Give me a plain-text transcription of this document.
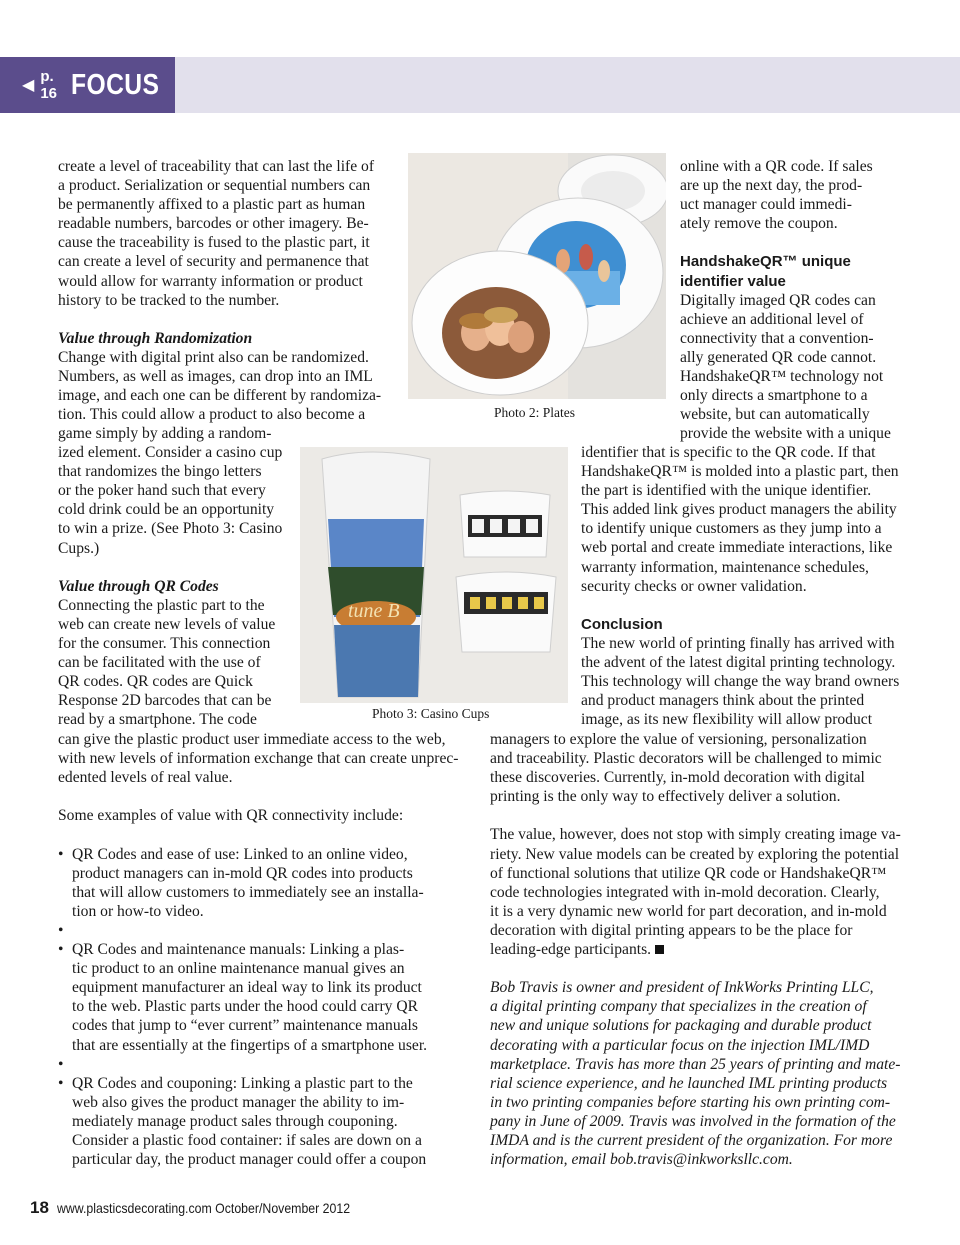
◀
p. 16 FOCUS

create a level of traceability that can last the life of

a product. Serialization or sequential numbers can

be permanently affixed to a plastic part as human

readable numbers, barcodes or other imagery. Be-

cause the traceability is fused to the plastic part, it

can create a level of security and permanence that

would allow for warranty information or product

history to be tracked to the number.

Value through Randomization

Change with digital print also can be randomized.

Numbers, as well as images, can drop into an IML

image, and each one can be different by randomiza-

tion. This could allow a product to also become a

game simply by adding a random-

ized element. Consider a casino cup

that randomizes the bingo letters

or the poker hand such that every

cold drink could be an opportunity

to win a prize. (See Photo 3: Casino

Cups.)

Value through QR Codes

Connecting the plastic part to the

web can create new levels of value

for the consumer. This connection

can be facilitated with the use of

QR codes. QR codes are Quick

Response 2D barcodes that can be

read by a smartphone. The code

can give the plastic product user immediate access to the web,

with new levels of information exchange that can create unprec-

edented levels of real value.

Some examples of value with QR connectivity include:

• QR Codes and ease of use: Linked to an online video,

product managers can in-mold QR codes into products

that will allow customers to immediately see an installa-

tion or how-to video.

•

• QR Codes and maintenance manuals: Linking a plas-

tic product to an online maintenance manual gives an

equipment manufacturer an ideal way to link its product

to the web. Plastic parts under the hood could carry QR

codes that jump to “ever current” maintenance manuals

that are essentially at the fingertips of a smartphone user.

•

• QR Codes and couponing: Linking a plastic part to the

web also gives the product manager the ability to im-

mediately manage product sales through couponing.

Consider a plastic food container: if sales are down on a

particular day, the product manager could offer a coupon

Photo 2: Plates
tune B
Photo 3: Casino Cups

online with a QR code. If sales

are up the next day, the prod-

uct manager could immedi-

ately remove the coupon.

HandshakeQR™ unique

identifier value

Digitally imaged QR codes can

achieve an additional level of

connectivity that a convention-

ally generated QR code cannot.

HandshakeQR™ technology not

only directs a smartphone to a

website, but can automatically

provide the website with a unique

identifier that is specific to the QR code. If that

HandshakeQR™ is molded into a plastic part, then

the part is identified with the unique identifier.

This added link gives product managers the ability

to identify unique customers as they jump into a

web portal and create immediate interactions, like

warranty information, maintenance schedules,

security checks or owner validation.

Conclusion

The new world of printing finally has arrived with

the advent of the latest digital printing technology.

This technology will change the way brand owners

and product managers think about the printed

image, as its new flexibility will allow product

managers to explore the value of versioning, personalization

and traceability. Plastic decorators will be challenged to mimic

these discoveries. Currently, in-mold decoration with digital

printing is the only way to effectively deliver a solution.

The value, however, does not stop with simply creating image va-

riety. New value models can be created by exploring the potential

of functional solutions that utilize QR code or HandshakeQR™

code technologies integrated with in-mold decoration. Clearly,

it is a very dynamic new world for part decoration, and in-mold

decoration with digital printing appears to be the place for

leading-edge participants.

Bob Travis is owner and president of InkWorks Printing LLC,

a digital printing company that specializes in the creation of

new and unique solutions for packaging and durable product

decorating with a particular focus on the injection IML/IMD

marketplace. Travis has more than 25 years of printing and mate-

rial science experience, and he launched IML printing products

in two printing companies before starting his own printing com-

pany in June of 2009. Travis was involved in the formation of the

IMDA and is the current president of the organization. For more

information, email bob.travis@inkworksllc.com.

18 www.plasticsdecorating.com October/November 2012
